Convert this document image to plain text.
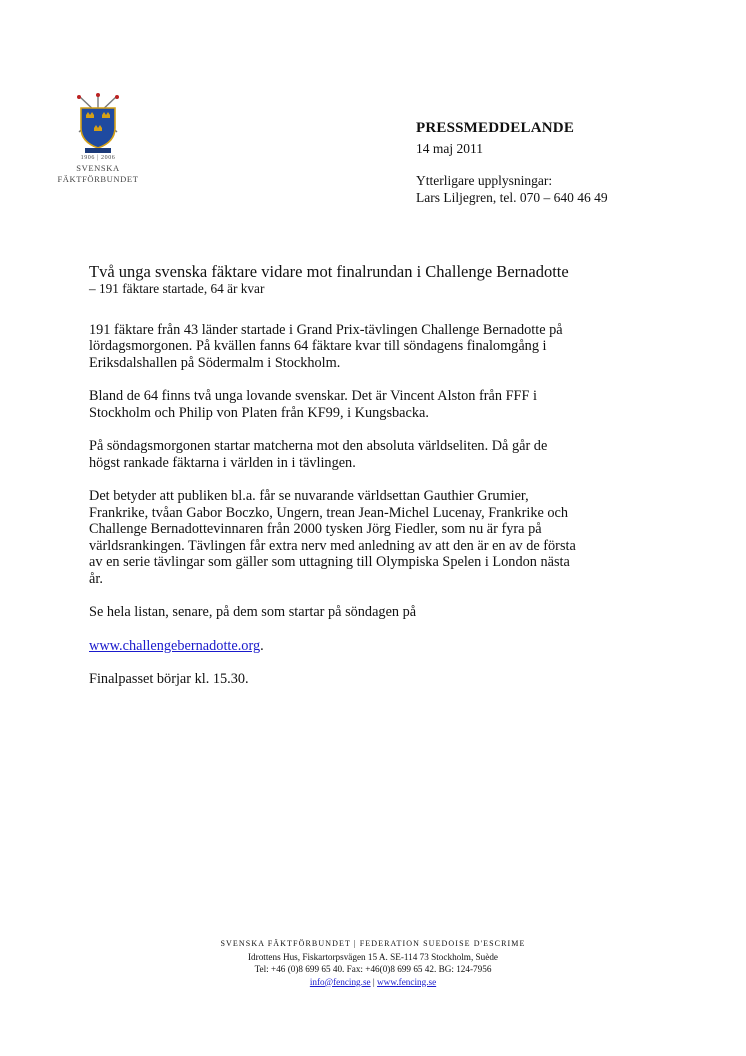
1906 | 2006
SVENSKA
FÄKTFÖRBUNDET
PRESSMEDDELANDE
14 maj 2011
Ytterligare upplysningar:
Lars Liljegren, tel. 070 – 640 46 49
Två unga svenska fäktare vidare mot finalrundan i Challenge Bernadotte
– 191 fäktare startade, 64 är kvar
191 fäktare från 43 länder startade i Grand Prix-tävlingen Challenge Bernadotte på
lördagsmorgonen. På kvällen fanns 64 fäktare kvar till söndagens finalomgång i
Eriksdalshallen på Södermalm i Stockholm.
Bland de 64 finns två unga lovande svenskar. Det är Vincent Alston från FFF i
Stockholm och Philip von Platen från KF99, i Kungsbacka.
På söndagsmorgonen startar matcherna mot den absoluta världseliten. Då går de
högst rankade fäktarna i världen in i tävlingen.
Det betyder att publiken bl.a. får se nuvarande världsettan Gauthier Grumier,
Frankrike, tvåan Gabor Boczko, Ungern, trean Jean-Michel Lucenay, Frankrike och
Challenge Bernadottevinnaren från 2000 tysken Jörg Fiedler, som nu är fyra på
världsrankingen. Tävlingen får extra nerv med anledning av att den är en av de första
av en serie tävlingar som gäller som uttagning till Olympiska Spelen i London nästa
år.
Se hela listan, senare, på dem som startar på söndagen på
www.challengebernadotte.org.
Finalpasset börjar kl. 15.30.
SVENSKA FÄKTFÖRBUNDET | FEDERATION SUEDOISE D'ESCRIME
Idrottens Hus, Fiskartorpsvägen 15 A. SE-114 73 Stockholm, Suède
Tel: +46 (0)8 699 65 40. Fax: +46(0)8 699 65 42. BG: 124-7956
info@fencing.se | www.fencing.se
